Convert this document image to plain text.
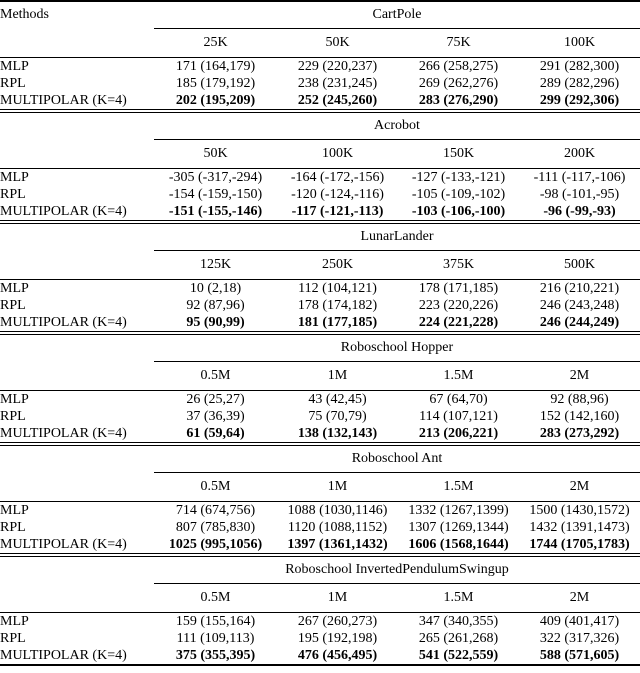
Methods	CartPole			
	25K	50K	75K	100K
MLP	171 (164,179)	229 (220,237)	266 (258,275)	291 (282,300)
RPL	185 (179,192)	238 (231,245)	269 (262,276)	289 (282,296)
MULTIPOLAR (K=4)	202 (195,209)	252 (245,260)	283 (276,290)	299 (292,306)
	Acrobot			
	50K	100K	150K	200K
MLP	-305 (-317,-294)	-164 (-172,-156)	-127 (-133,-121)	-111 (-117,-106)
RPL	-154 (-159,-150)	-120 (-124,-116)	-105 (-109,-102)	-98 (-101,-95)
MULTIPOLAR (K=4)	-151 (-155,-146)	-117 (-121,-113)	-103 (-106,-100)	-96 (-99,-93)
	LunarLander			
	125K	250K	375K	500K
MLP	10 (2,18)	112 (104,121)	178 (171,185)	216 (210,221)
RPL	92 (87,96)	178 (174,182)	223 (220,226)	246 (243,248)
MULTIPOLAR (K=4)	95 (90,99)	181 (177,185)	224 (221,228)	246 (244,249)
	Roboschool Hopper			
	0.5M	1M	1.5M	2M
MLP	26 (25,27)	43 (42,45)	67 (64,70)	92 (88,96)
RPL	37 (36,39)	75 (70,79)	114 (107,121)	152 (142,160)
MULTIPOLAR (K=4)	61 (59,64)	138 (132,143)	213 (206,221)	283 (273,292)
	Roboschool Ant			
	0.5M	1M	1.5M	2M
MLP	714 (674,756)	1088 (1030,1146)	1332 (1267,1399)	1500 (1430,1572)
RPL	807 (785,830)	1120 (1088,1152)	1307 (1269,1344)	1432 (1391,1473)
MULTIPOLAR (K=4)	1025 (995,1056)	1397 (1361,1432)	1606 (1568,1644)	1744 (1705,1783)
	Roboschool InvertedPendulumSwingup			
	0.5M	1M	1.5M	2M
MLP	159 (155,164)	267 (260,273)	347 (340,355)	409 (401,417)
RPL	111 (109,113)	195 (192,198)	265 (261,268)	322 (317,326)
MULTIPOLAR (K=4)	375 (355,395)	476 (456,495)	541 (522,559)	588 (571,605)
